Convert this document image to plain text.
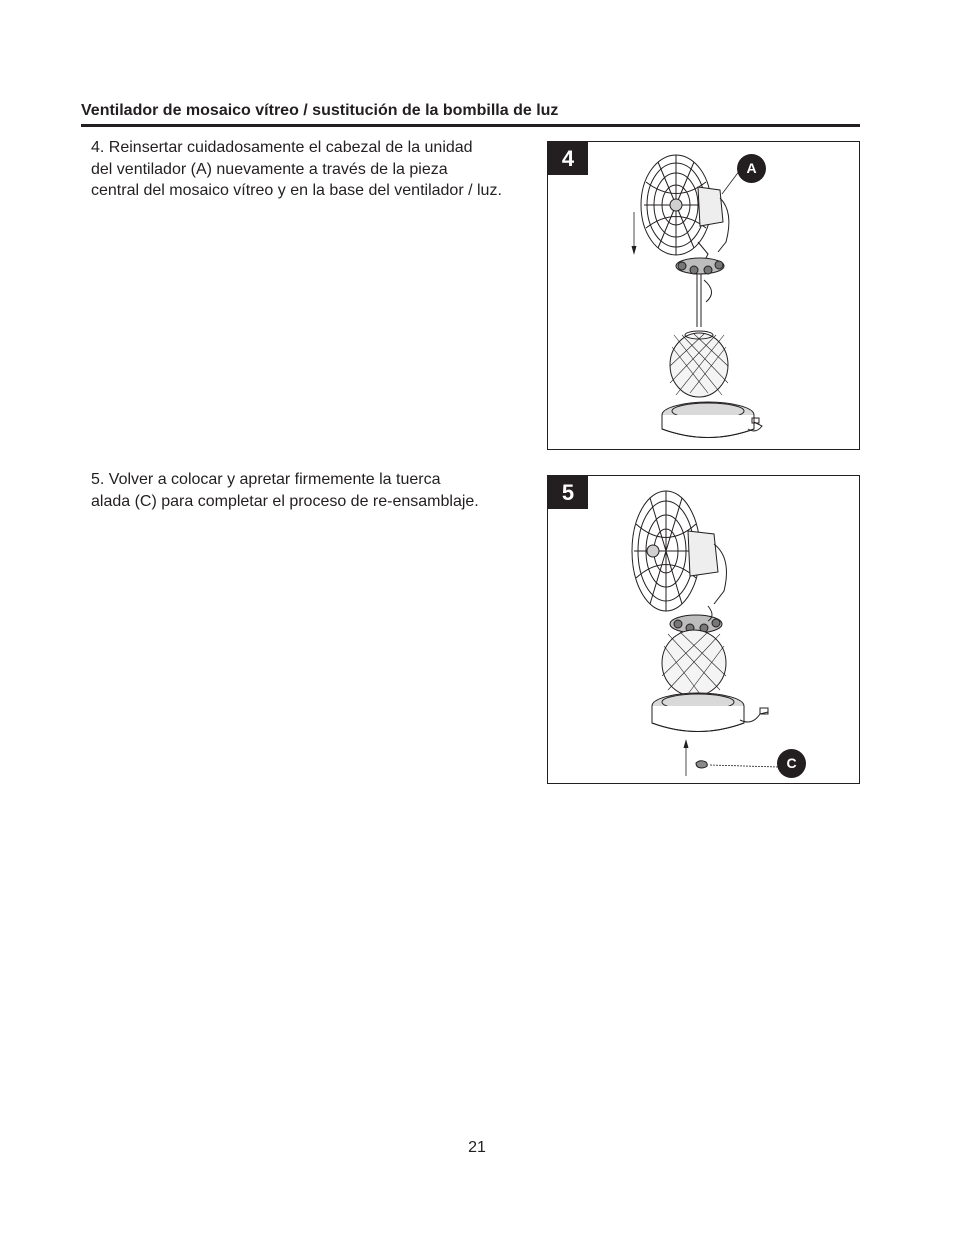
Ventilador de mosaico vítreo / sustitución de la bombilla de luz

4. Reinsertar cuidadosamente el cabezal de la unidad

del ventilador (A) nuevamente a través de la pieza

central del mosaico vítreo y en la base del ventilador / luz.

4	A

5. Volver a colocar y apretar firmemente la tuerca

alada (C) para completar el proceso de re-ensamblaje.	5
C
21
